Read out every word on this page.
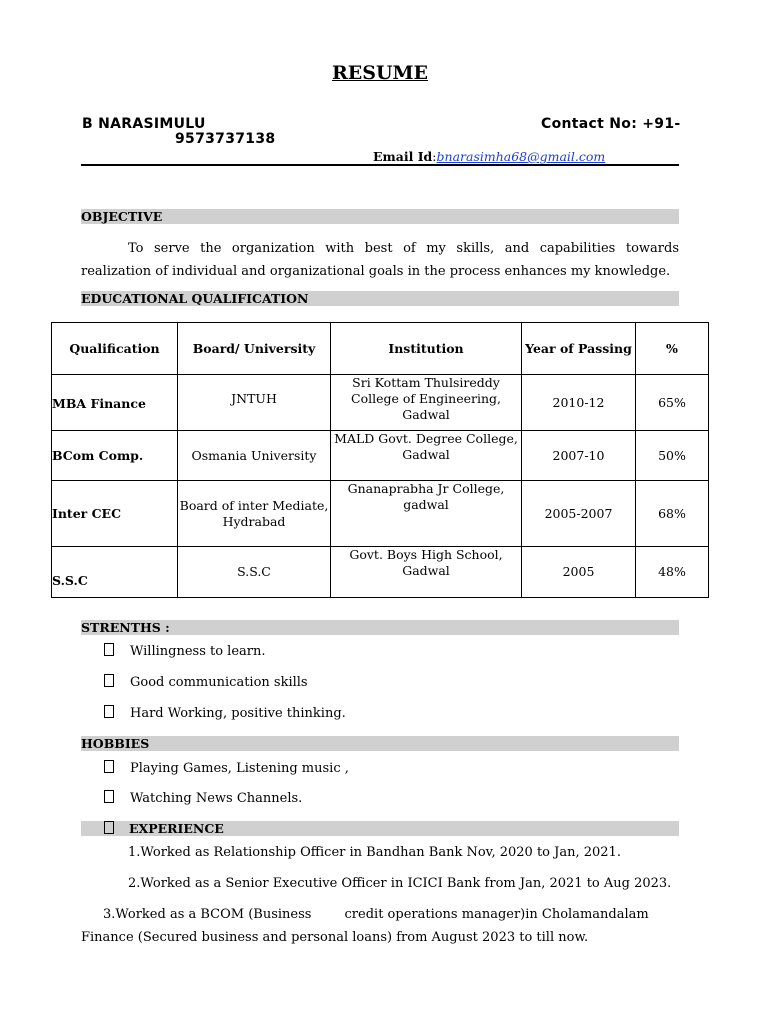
RESUME
B NARASIMULU	Contact No: +91-
9573737138
Email Id:bnarasimha68@gmail.com
OBJECTIVE
To serve the organization with best of my skills, and capabilities towards realization of individual and organizational goals in the process enhances my knowledge.
EDUCATIONAL QUALIFICATION
Qualification	Board/ University	Institution	Year of Passing	%
MBA Finance	JNTUH	Sri Kottam Thulsireddy College of Engineering, Gadwal	2010-12	65%
BCom Comp.	Osmania University	MALD Govt. Degree College, Gadwal	2007-10	50%
Inter CEC	Board of inter Mediate, Hydrabad	Gnanaprabha Jr College, gadwal	2005-2007	68%
S.S.C	S.S.C	Govt. Boys High School, Gadwal	2005	48%
STRENTHS :
Willingness to learn.
Good communication skills
Hard Working, positive thinking.
HOBBIES
Playing Games, Listening music ,
Watching News Channels.
EXPERIENCE
1.Worked as Relationship Officer in Bandhan Bank Nov, 2020 to Jan, 2021.
2.Worked as a Senior Executive Officer in ICICI Bank from Jan, 2021 to Aug 2023.
3.Worked as a BCOM (Business        credit operations manager)in Cholamandalam Finance (Secured business and personal loans) from August 2023 to till now.
